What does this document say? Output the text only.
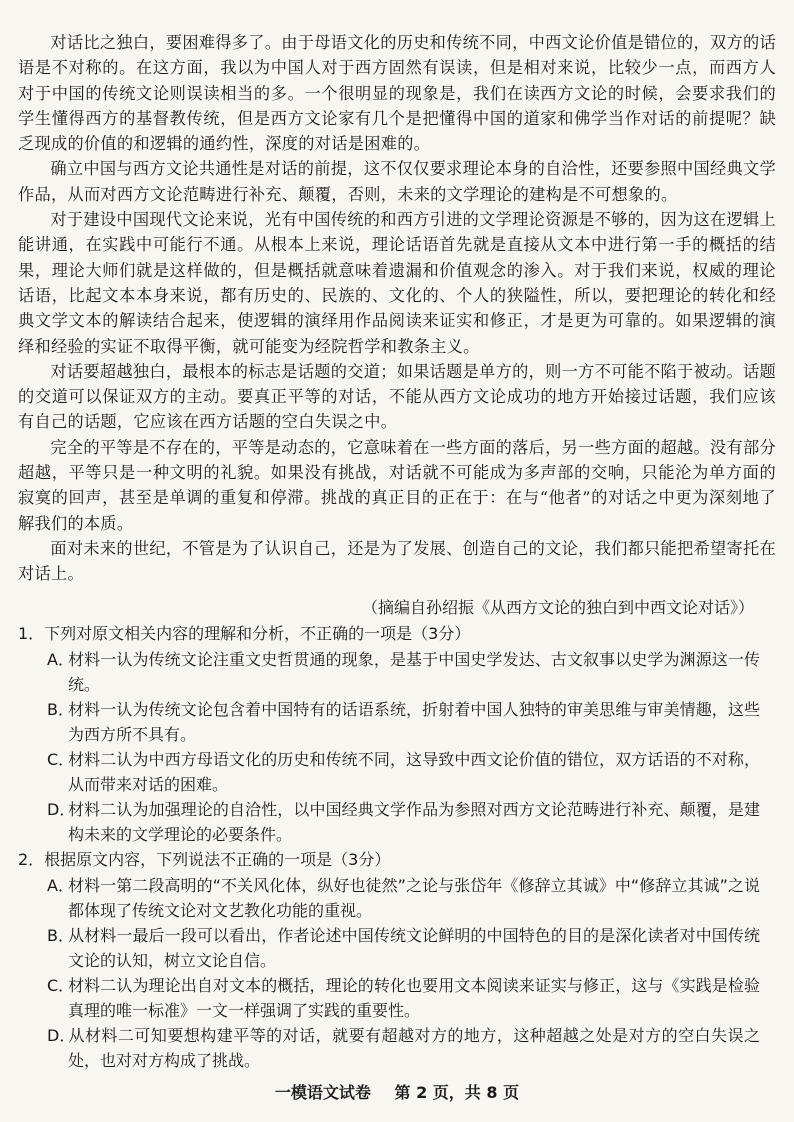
对话比之独白，要困难得多了。由于母语文化的历史和传统不同，中西文论价值是错位的，双方的话语是不对称的。在这方面，我以为中国人对于西方固然有误读，但是相对来说，比较少一点，而西方人对于中国的传统文论则误读相当的多。一个很明显的现象是，我们在读西方文论的时候，会要求我们的学生懂得西方的基督教传统，但是西方文论家有几个是把懂得中国的道家和佛学当作对话的前提呢？缺乏现成的价值的和逻辑的通约性，深度的对话是困难的。

确立中国与西方文论共通性是对话的前提，这不仅仅要求理论本身的自洽性，还要参照中国经典文学作品，从而对西方文论范畴进行补充、颠覆，否则，未来的文学理论的建构是不可想象的。

对于建设中国现代文论来说，光有中国传统的和西方引进的文学理论资源是不够的，因为这在逻辑上能讲通，在实践中可能行不通。从根本上来说，理论话语首先就是直接从文本中进行第一手的概括的结果，理论大师们就是这样做的，但是概括就意味着遗漏和价值观念的渗入。对于我们来说，权威的理论话语，比起文本本身来说，都有历史的、民族的、文化的、个人的狭隘性，所以，要把理论的转化和经典文学文本的解读结合起来，使逻辑的演绎用作品阅读来证实和修正，才是更为可靠的。如果逻辑的演绎和经验的实证不取得平衡，就可能变为经院哲学和教条主义。

对话要超越独白，最根本的标志是话题的交道；如果话题是单方的，则一方不可能不陷于被动。话题的交道可以保证双方的主动。要真正平等的对话，不能从西方文论成功的地方开始接过话题，我们应该有自己的话题，它应该在西方话题的空白失误之中。

完全的平等是不存在的，平等是动态的，它意味着在一些方面的落后，另一些方面的超越。没有部分超越，平等只是一种文明的礼貌。如果没有挑战，对话就不可能成为多声部的交响，只能沦为单方面的寂寞的回声，甚至是单调的重复和停滞。挑战的真正目的正在于：在与“他者”的对话之中更为深刻地了解我们的本质。

面对未来的世纪，不管是为了认识自己，还是为了发展、创造自己的文论，我们都只能把希望寄托在对话上。

（摘编自孙绍振《从西方文论的独白到中西文论对话》）
1．下列对原文相关内容的理解和分析，不正确的一项是（3分）
A．材料一认为传统文论注重文史哲贯通的现象，是基于中国史学发达、古文叙事以史学为渊源这一传统。
B．材料一认为传统文论包含着中国特有的话语系统，折射着中国人独特的审美思维与审美情趣，这些为西方所不具有。
C．材料二认为中西方母语文化的历史和传统不同，这导致中西文论价值的错位，双方话语的不对称，从而带来对话的困难。
D．材料二认为加强理论的自洽性，以中国经典文学作品为参照对西方文论范畴进行补充、颠覆，是建构未来的文学理论的必要条件。
2．根据原文内容，下列说法不正确的一项是（3分）
A．材料一第二段高明的“不关风化体，纵好也徒然”之论与张岱年《修辞立其诚》中“修辞立其诚”之说都体现了传统文论对文艺教化功能的重视。
B．从材料一最后一段可以看出，作者论述中国传统文论鲜明的中国特色的目的是深化读者对中国传统文论的认知，树立文论自信。
C．材料二认为理论出自对文本的概括，理论的转化也要用文本阅读来证实与修正，这与《实践是检验真理的唯一标准》一文一样强调了实践的重要性。
D．从材料二可知要想构建平等的对话，就要有超越对方的地方，这种超越之处是对方的空白失误之处，也对对方构成了挑战。
一模语文试卷 第 2 页，共 8 页
